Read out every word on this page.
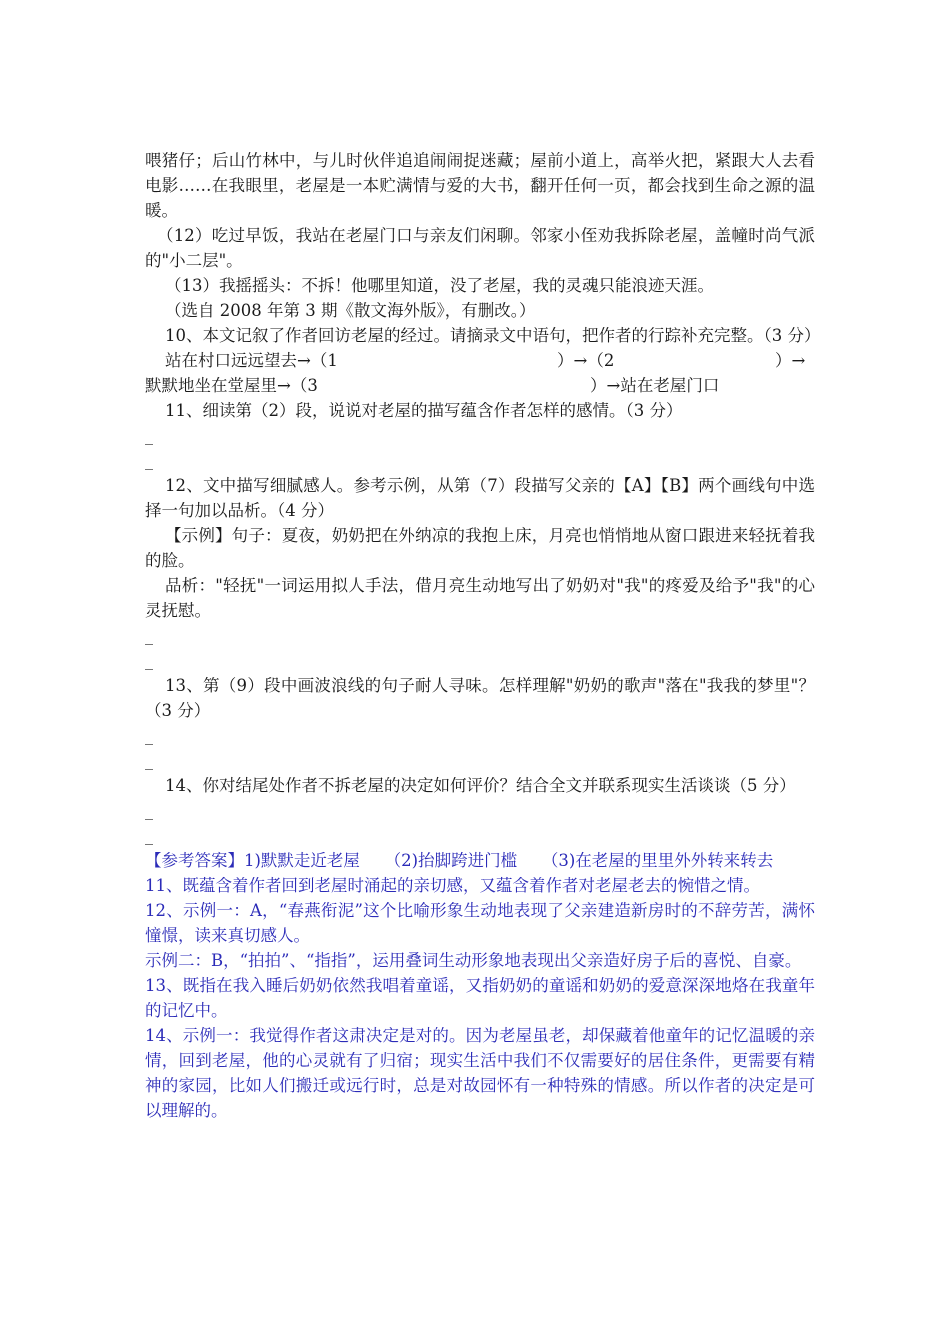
喂猪仔；后山竹林中，与儿时伙伴追追闹闹捉迷藏；屋前小道上，高举火把，紧跟大人去看电影……在我眼里，老屋是一本贮满情与爱的大书，翻开任何一页，都会找到生命之源的温暖。

（12）吃过早饭，我站在老屋门口与亲友们闲聊。邻家小侄劝我拆除老屋，盖幢时尚气派的"小二层"。

（13）我摇摇头：不拆！他哪里知道，没了老屋，我的灵魂只能浪迹天涯。

（选自 2008 年第 3 期《散文海外版》，有删改。）

10、本文记叙了作者回访老屋的经过。请摘录文中语句，把作者的行踪补充完整。（3 分）

站在村口远远望去→（1	）→（2	）→
默默地坐在堂屋里→（3	）→站在老屋门口

11、细读第（2）段，说说对老屋的描写蕴含作者怎样的感情。（3 分）

_

_

12、文中描写细腻感人。参考示例，从第（7）段描写父亲的【A】【B】两个画线句中选择一句加以品析。（4 分）

【示例】句子：夏夜，奶奶把在外纳凉的我抱上床，月亮也悄悄地从窗口跟进来轻抚着我的脸。

品析："轻抚"一词运用拟人手法，借月亮生动地写出了奶奶对"我"的疼爱及给予"我"的心灵抚慰。

_

_

13、第（9）段中画波浪线的句子耐人寻味。怎样理解"奶奶的歌声"落在"我我的梦里"？（3 分）

_

_

14、你对结尾处作者不拆老屋的决定如何评价？结合全文并联系现实生活谈谈（5 分）

_

_

【参考答案】1)默默走近老屋　　（2)抬脚跨进门槛　　（3)在老屋的里里外外转来转去

11、既蕴含着作者回到老屋时涌起的亲切感，又蕴含着作者对老屋老去的惋惜之情。

12、示例一：A，“春燕衔泥”这个比喻形象生动地表现了父亲建造新房时的不辞劳苦，满怀憧憬，读来真切感人。

示例二：B，“拍拍”、“指指”，运用叠词生动形象地表现出父亲造好房子后的喜悦、自豪。

13、既指在我入睡后奶奶依然我唱着童谣，又指奶奶的童谣和奶奶的爱意深深地烙在我童年的记忆中。

14、示例一：我觉得作者这肃决定是对的。因为老屋虽老，却保藏着他童年的记忆温暖的亲情，回到老屋，他的心灵就有了归宿；现实生活中我们不仅需要好的居住条件，更需要有精神的家园，比如人们搬迁或远行时，总是对故园怀有一种特殊的情感。所以作者的决定是可以理解的。
